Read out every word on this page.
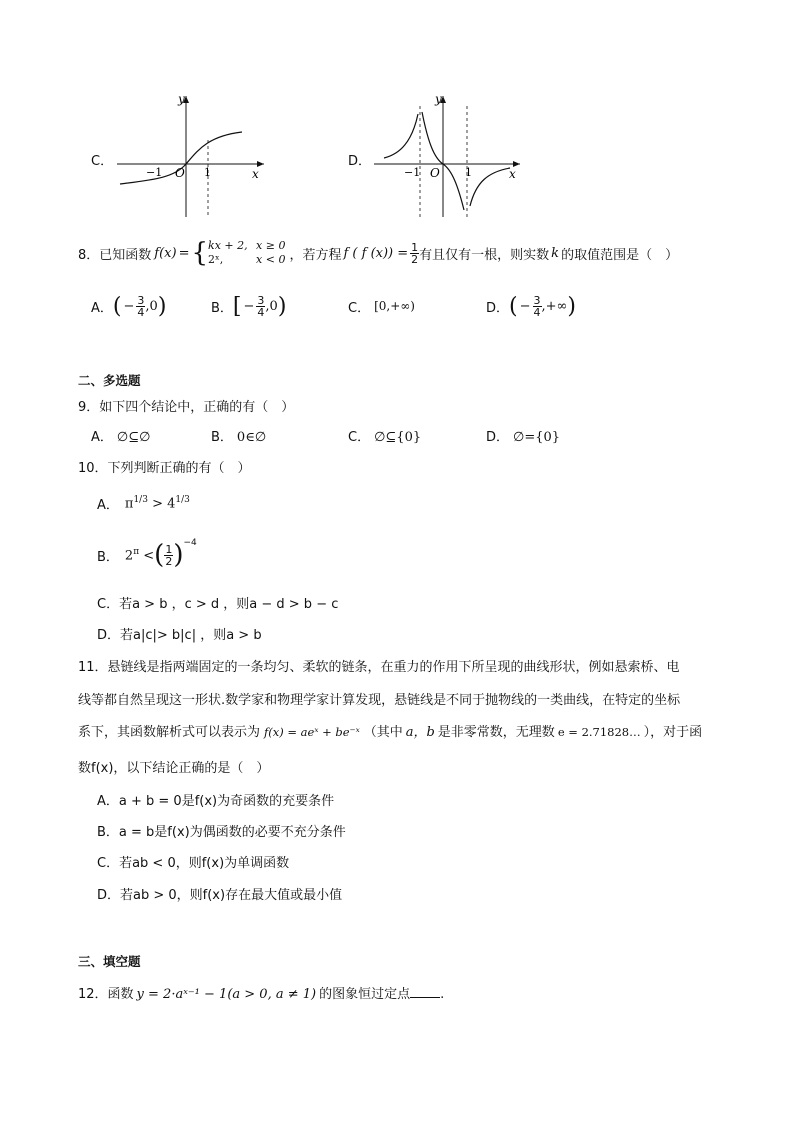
C．
y
x
O
−1	1
D．
y
x
O
−1	1
8． 已知函数 f(x) = { kx + 2, x ≥ 0
2ˣ,	x < 0 ，若方程 f ( f $(x)) = \frac{1}{2}$ 有且仅有一根，则实数 k 的取值范围是（　）
A． ( − $\frac{3}{4} ,0$ )	B． [ − $\frac{3}{4} ,0$ )	C． [0,+∞)	D． ( − $\frac{3}{4}$ ,+∞ )
二、多选题
9．如下四个结论中，正确的有（　）
A． ∅⊆∅	B． 0∈∅	C． ∅⊆{0}	D． ∅={0}
10．下列判断正确的有（　）
A． $\pi^{1/3} > 4^{1/3}$
B． $2^\pi$ < ( $\frac{1}{2} )^{-4}$
C．若a > b ，c > d ，则a − d > b − c
D．若a|c|> b|c| ，则a > b
11．悬链线是指两端固定的一条均匀、柔软的链条，在重力的作用下所呈现的曲线形状，例如悬索桥、电
线等都自然呈现这一形状.数学家和物理学家计算发现，悬链线是不同于抛物线的一类曲线，在特定的坐标
系下，其函数解析式可以表示为 f(x) = aeˣ + be⁻ˣ （其中 a，b 是非零常数，无理数 e = 2.71828… ），对于函
数f(x)，以下结论正确的是（　）
A．a + b = 0是f(x)为奇函数的充要条件
B．a = b是f(x)为偶函数的必要不充分条件
C．若ab < 0，则f(x)为单调函数
D．若ab > 0，则f(x)存在最大值或最小值
三、填空题
12．函数 y = 2·aˣ⁻¹ − 1(a > 0, a ≠ 1) 的图象恒过定点 .
